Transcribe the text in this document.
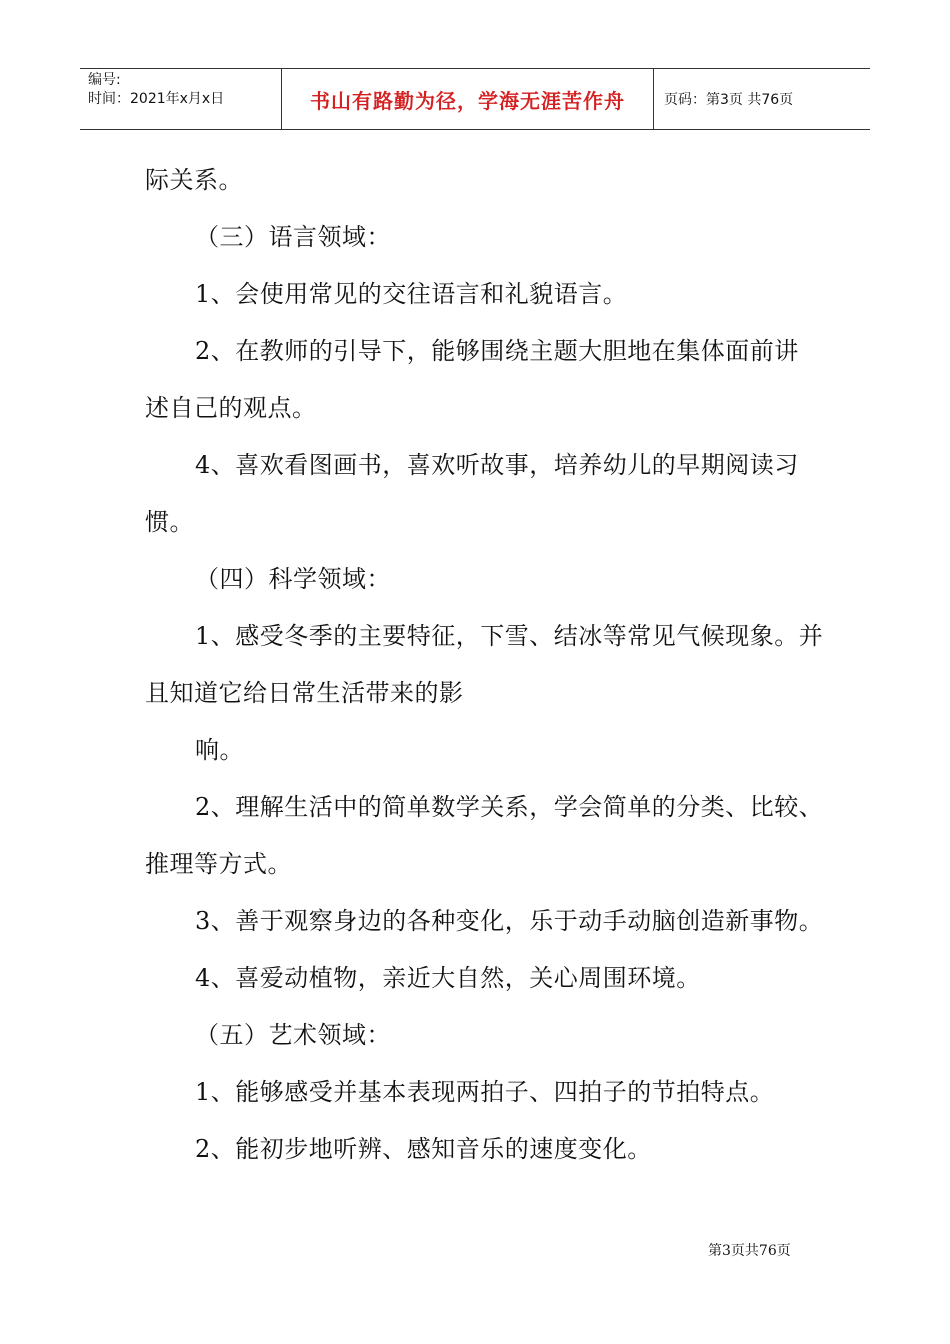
编号:
时间：2021年x月x日	书山有路勤为径，学海无涯苦作舟	页码：第3页 共76页
际关系。
（三）语言领域：
1、会使用常见的交往语言和礼貌语言。
2、在教师的引导下，能够围绕主题大胆地在集体面前讲
述自己的观点。
4、喜欢看图画书，喜欢听故事，培养幼儿的早期阅读习
惯。
（四）科学领域：
1、感受冬季的主要特征，下雪、结冰等常见气候现象。并
且知道它给日常生活带来的影
响。
2、理解生活中的简单数学关系，学会简单的分类、比较、
推理等方式。
3、善于观察身边的各种变化，乐于动手动脑创造新事物。
4、喜爱动植物，亲近大自然，关心周围环境。
（五）艺术领域：
1、能够感受并基本表现两拍子、四拍子的节拍特点。
2、能初步地听辨、感知音乐的速度变化。
第3页共76页
